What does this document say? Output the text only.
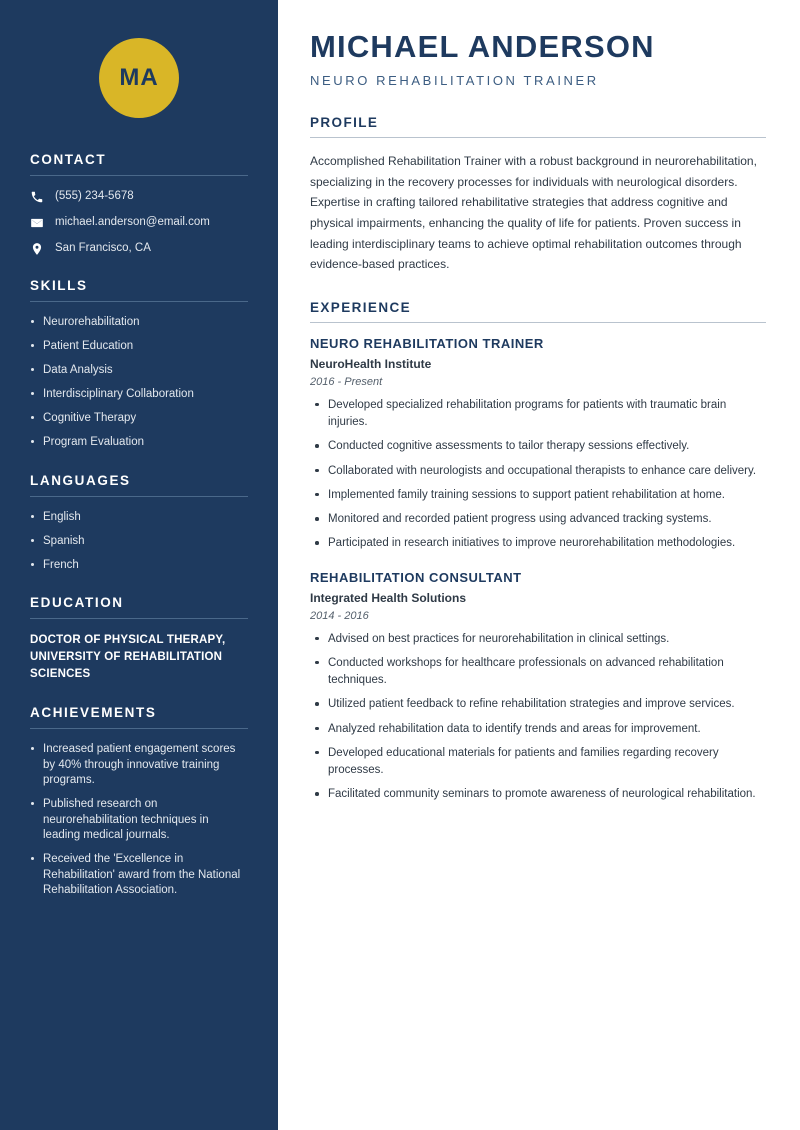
MA
CONTACT
(555) 234-5678
michael.anderson@email.com
San Francisco, CA
SKILLS
Neurorehabilitation
Patient Education
Data Analysis
Interdisciplinary Collaboration
Cognitive Therapy
Program Evaluation
LANGUAGES
English
Spanish
French
EDUCATION
DOCTOR OF PHYSICAL THERAPY, UNIVERSITY OF REHABILITATION SCIENCES
ACHIEVEMENTS
Increased patient engagement scores by 40% through innovative training programs.
Published research on neurorehabilitation techniques in leading medical journals.
Received the 'Excellence in Rehabilitation' award from the National Rehabilitation Association.
MICHAEL ANDERSON
NEURO REHABILITATION TRAINER
PROFILE

Accomplished Rehabilitation Trainer with a robust background in neurorehabilitation, specializing in the recovery processes for individuals with neurological disorders. Expertise in crafting tailored rehabilitative strategies that address cognitive and physical impairments, enhancing the quality of life for patients. Proven success in leading interdisciplinary teams to achieve optimal rehabilitation outcomes through evidence-based practices.

EXPERIENCE
NEURO REHABILITATION TRAINER
NeuroHealth Institute
2016 - Present
Developed specialized rehabilitation programs for patients with traumatic brain injuries.
Conducted cognitive assessments to tailor therapy sessions effectively.
Collaborated with neurologists and occupational therapists to enhance care delivery.
Implemented family training sessions to support patient rehabilitation at home.
Monitored and recorded patient progress using advanced tracking systems.
Participated in research initiatives to improve neurorehabilitation methodologies.
REHABILITATION CONSULTANT
Integrated Health Solutions
2014 - 2016
Advised on best practices for neurorehabilitation in clinical settings.
Conducted workshops for healthcare professionals on advanced rehabilitation techniques.
Utilized patient feedback to refine rehabilitation strategies and improve services.
Analyzed rehabilitation data to identify trends and areas for improvement.
Developed educational materials for patients and families regarding recovery processes.
Facilitated community seminars to promote awareness of neurological rehabilitation.
